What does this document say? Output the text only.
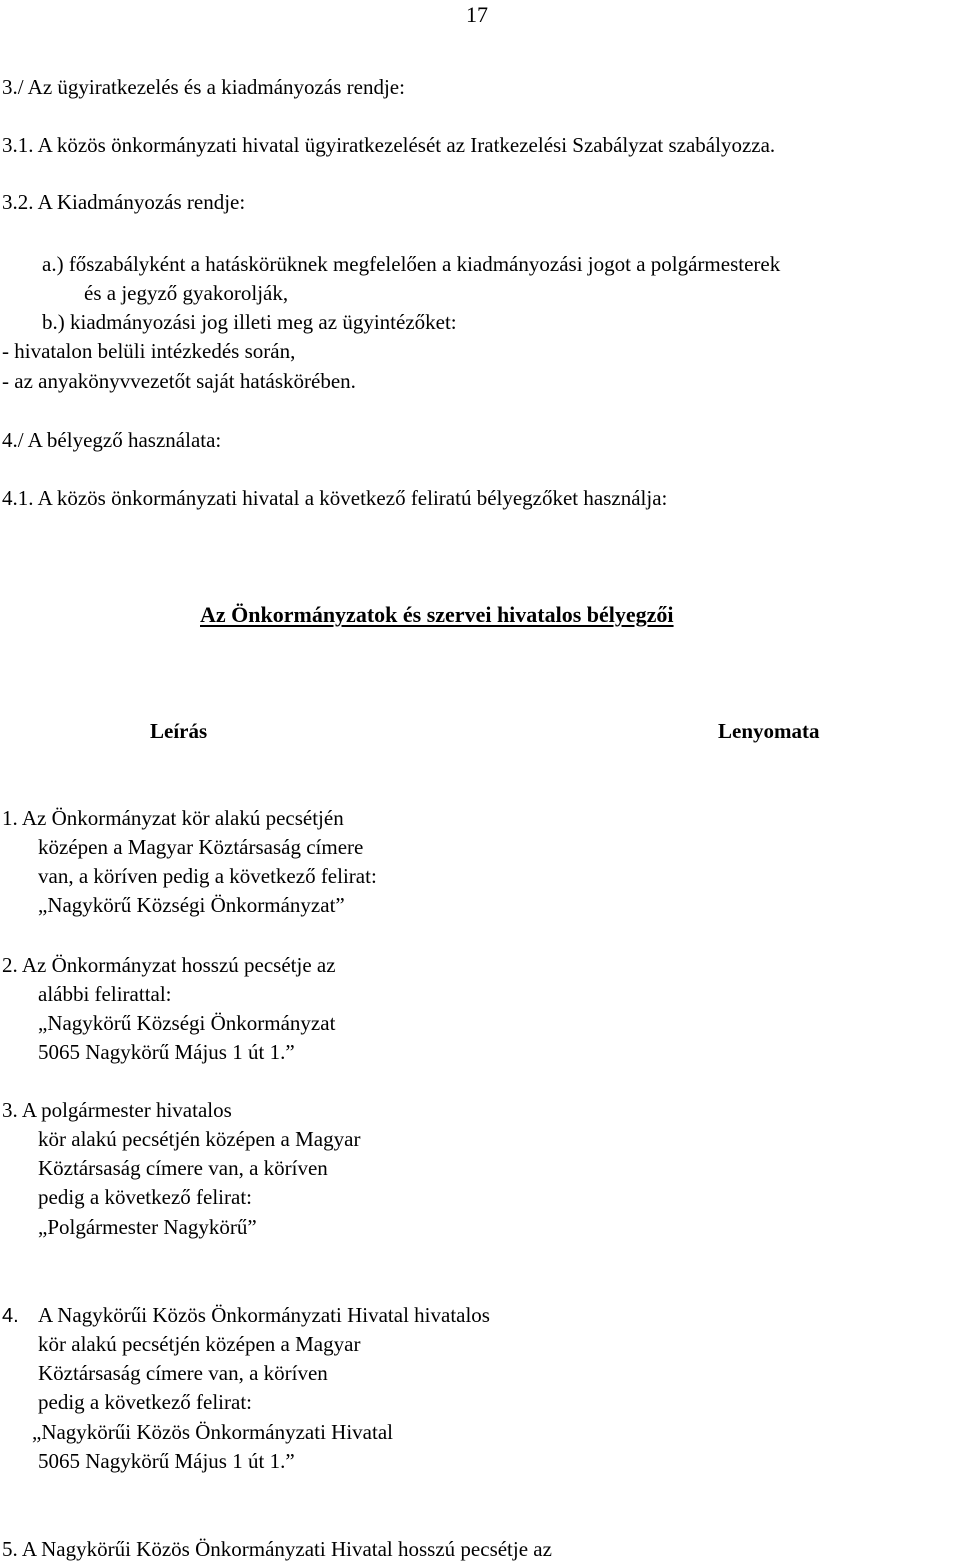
17
3./ Az ügyiratkezelés és a kiadmányozás rendje:
3.1. A közös önkormányzati hivatal ügyiratkezelését az Iratkezelési Szabályzat szabályozza.
3.2. A Kiadmányozás rendje:
a.) főszabályként a hatáskörüknek megfelelően a kiadmányozási jogot a polgármesterek
és a jegyző gyakorolják,
b.) kiadmányozási jog illeti meg az ügyintézőket:
- hivatalon belüli intézkedés során,
- az anyakönyvvezetőt saját hatáskörében.
4./ A bélyegző használata:
4.1. A közös önkormányzati hivatal a következő feliratú bélyegzőket használja:
Az Önkormányzatok és szervei hivatalos bélyegzői
Leírás	Lenyomata
1. Az Önkormányzat kör alakú pecsétjén
középen a Magyar Köztársaság címere
van, a köríven pedig a következő felirat:
„Nagykörű Községi Önkormányzat”
2. Az Önkormányzat hosszú pecsétje az
alábbi felirattal:
„Nagykörű Községi Önkormányzat
5065 Nagykörű Május 1 út 1.”
3. A polgármester hivatalos
kör alakú pecsétjén középen a Magyar
Köztársaság címere van, a köríven
pedig a következő felirat:
„Polgármester Nagykörű”
4. A Nagykörűi Közös Önkormányzati Hivatal hivatalos
kör alakú pecsétjén középen a Magyar
Köztársaság címere van, a köríven
pedig a következő felirat:
„Nagykörűi Közös Önkormányzati Hivatal
5065 Nagykörű Május 1 út 1.”
5. A Nagykörűi Közös Önkormányzati Hivatal hosszú pecsétje az
